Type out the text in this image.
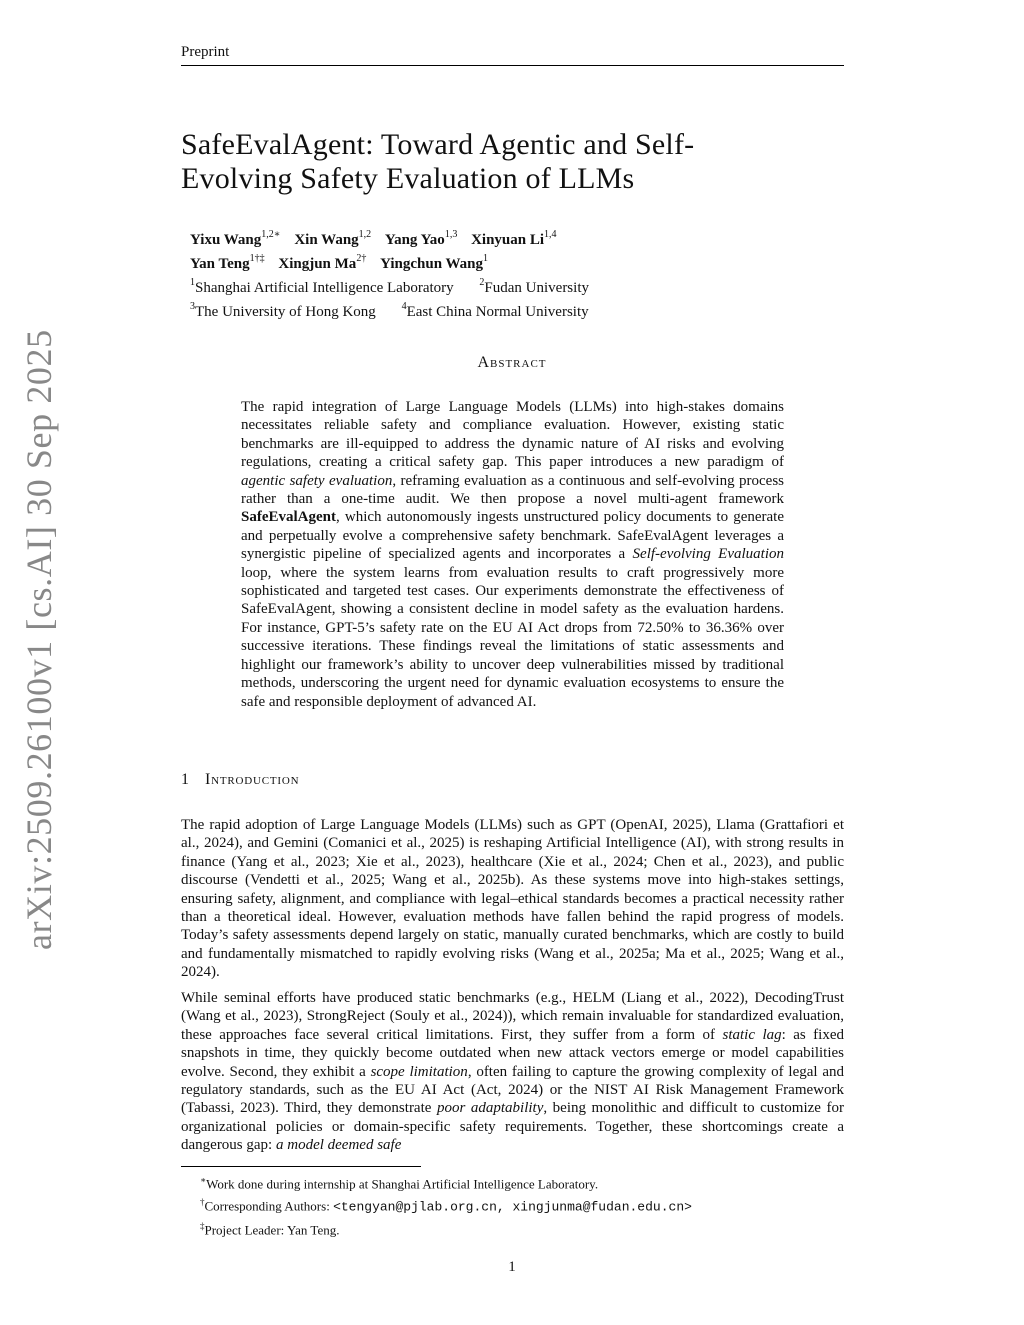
Preprint
arXiv:2509.26100v1 [cs.AI] 30 Sep 2025
SafeEvalAgent: Toward Agentic and Self-
Evolving Safety Evaluation of LLMs
Yixu Wang$^{1,2∗}$ Xin Wang$^{1,2}$ Yang Yao$^{1,3}$ Xinyuan Li$^{1,4}$
Yan Teng$^{1\dagger\ddagger}$ Xingjun $Ma^{2\dagger}$ Yingchun Wang$^1$
$^1$Shanghai Artificial Intelligence Laboratory	$^2$Fudan University
$^3$The University of Hong Kong	$^4$East China Normal University
Abstract
The rapid integration of Large Language Models (LLMs) into high-stakes domains necessitates reliable safety and compliance evaluation. However, existing static benchmarks are ill-equipped to address the dynamic nature of AI risks and evolving regulations, creating a critical safety gap. This paper introduces a new paradigm of agentic safety evaluation, reframing evaluation as a continuous and self-evolving process rather than a one-time audit. We then propose a novel multi-agent framework SafeEvalAgent, which autonomously ingests unstructured policy documents to generate and perpetually evolve a comprehensive safety benchmark. SafeEvalAgent leverages a synergistic pipeline of specialized agents and incorporates a Self-evolving Evaluation loop, where the system learns from evaluation results to craft progressively more sophisticated and targeted test cases. Our experiments demonstrate the effectiveness of SafeEvalAgent, showing a consistent decline in model safety as the evaluation hardens. For instance, GPT-5’s safety rate on the EU AI Act drops from 72.50% to 36.36% over successive iterations. These findings reveal the limitations of static assessments and highlight our framework’s ability to uncover deep vulnerabilities missed by traditional methods, underscoring the urgent need for dynamic evaluation ecosystems to ensure the safe and responsible deployment of advanced AI.
1 Introduction
The rapid adoption of Large Language Models (LLMs) such as GPT (OpenAI, 2025), Llama (Grattafiori et al., 2024), and Gemini (Comanici et al., 2025) is reshaping Artificial Intelligence (AI), with strong results in finance (Yang et al., 2023; Xie et al., 2023), healthcare (Xie et al., 2024; Chen et al., 2023), and public discourse (Vendetti et al., 2025; Wang et al., 2025b). As these systems move into high-stakes settings, ensuring safety, alignment, and compliance with legal–ethical standards becomes a practical necessity rather than a theoretical ideal. However, evaluation methods have fallen behind the rapid progress of models. Today’s safety assessments depend largely on static, manually curated benchmarks, which are costly to build and fundamentally mismatched to rapidly evolving risks (Wang et al., 2025a; Ma et al., 2025; Wang et al., 2024).
While seminal efforts have produced static benchmarks (e.g., HELM (Liang et al., 2022), DecodingTrust (Wang et al., 2023), StrongReject (Souly et al., 2024)), which remain invaluable for standardized evaluation, these approaches face several critical limitations. First, they suffer from a form of static lag: as fixed snapshots in time, they quickly become outdated when new attack vectors emerge or model capabilities evolve. Second, they exhibit a scope limitation, often failing to capture the growing complexity of legal and regulatory standards, such as the EU AI Act (Act, 2024) or the NIST AI Risk Management Framework (Tabassi, 2023). Third, they demonstrate poor adaptability, being monolithic and difficult to customize for organizational policies or domain-specific safety requirements. Together, these shortcomings create a dangerous gap: a model deemed safe
∗Work done during internship at Shanghai Artificial Intelligence Laboratory.
†Corresponding Authors: <tengyan@pjlab.org.cn, xingjunma@fudan.edu.cn>
‡Project Leader: Yan Teng.
1
